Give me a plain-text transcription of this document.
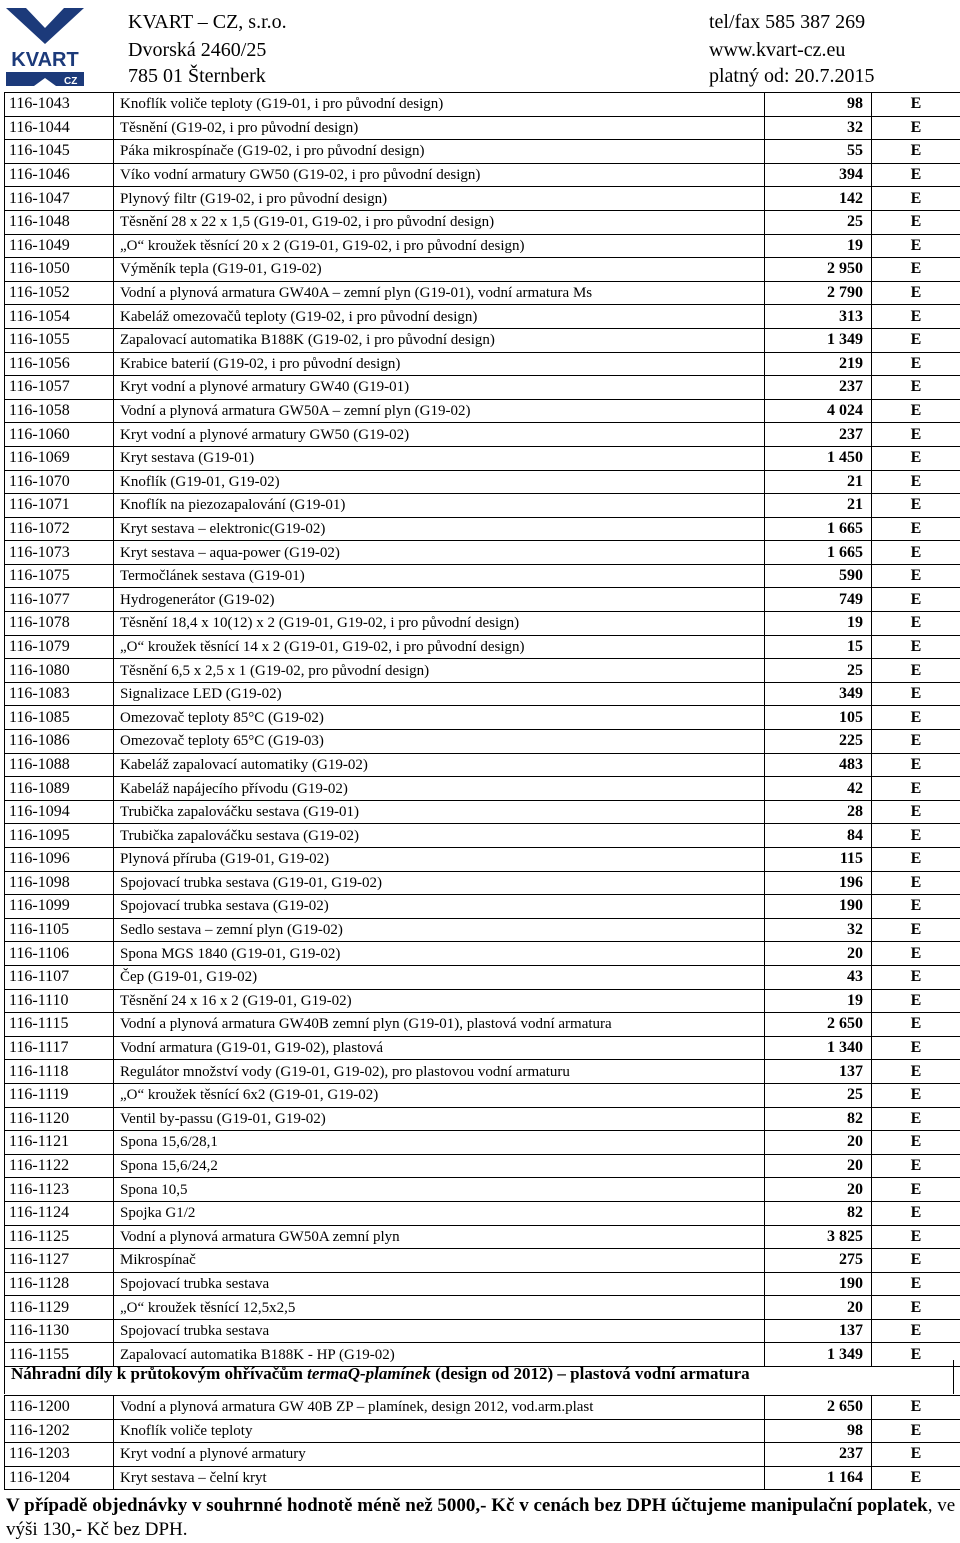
KVART
CZ
KVART – CZ, s.r.o.
Dvorská 2460/25
785 01 Šternberk
tel/fax 585 387 269
www.kvart-cz.eu
platný od: 20.7.2015
116-1043	Knoflík voliče teploty (G19-01, i pro původní design)	98	E
116-1044	Těsnění (G19-02, i pro původní design)	32	E
116-1045	Páka mikrospínače (G19-02, i pro původní design)	55	E
116-1046	Víko vodní armatury GW50 (G19-02, i pro původní design)	394	E
116-1047	Plynový filtr (G19-02, i pro původní design)	142	E
116-1048	Těsnění 28 x 22 x 1,5 (G19-01, G19-02, i pro původní design)	25	E
116-1049	„O“ kroužek těsnící 20 x 2 (G19-01, G19-02, i pro původní design)	19	E
116-1050	Výměník tepla (G19-01, G19-02)	2 950	E
116-1052	Vodní a plynová armatura GW40A – zemní plyn (G19-01), vodní armatura Ms	2 790	E
116-1054	Kabeláž omezovačů teploty (G19-02, i pro původní design)	313	E
116-1055	Zapalovací automatika B188K (G19-02, i pro původní design)	1 349	E
116-1056	Krabice baterií (G19-02, i pro původní design)	219	E
116-1057	Kryt vodní a plynové armatury GW40 (G19-01)	237	E
116-1058	Vodní a plynová armatura GW50A – zemní plyn (G19-02)	4 024	E
116-1060	Kryt vodní a plynové armatury GW50 (G19-02)	237	E
116-1069	Kryt sestava (G19-01)	1 450	E
116-1070	Knoflík (G19-01, G19-02)	21	E
116-1071	Knoflík na piezozapalování (G19-01)	21	E
116-1072	Kryt sestava – elektronic(G19-02)	1 665	E
116-1073	Kryt sestava – aqua-power (G19-02)	1 665	E
116-1075	Termočlánek sestava (G19-01)	590	E
116-1077	Hydrogenerátor (G19-02)	749	E
116-1078	Těsnění 18,4 x 10(12) x 2 (G19-01, G19-02, i pro původní design)	19	E
116-1079	„O“ kroužek těsnící 14 x 2 (G19-01, G19-02, i pro původní design)	15	E
116-1080	Těsnění 6,5 x 2,5 x 1 (G19-02, pro původní design)	25	E
116-1083	Signalizace LED (G19-02)	349	E
116-1085	Omezovač teploty 85°C (G19-02)	105	E
116-1086	Omezovač teploty 65°C (G19-03)	225	E
116-1088	Kabeláž zapalovací automatiky (G19-02)	483	E
116-1089	Kabeláž napájecího přívodu (G19-02)	42	E
116-1094	Trubička zapalováčku sestava (G19-01)	28	E
116-1095	Trubička zapalováčku sestava (G19-02)	84	E
116-1096	Plynová příruba (G19-01, G19-02)	115	E
116-1098	Spojovací trubka sestava (G19-01, G19-02)	196	E
116-1099	Spojovací trubka sestava (G19-02)	190	E
116-1105	Sedlo sestava – zemní plyn (G19-02)	32	E
116-1106	Spona MGS 1840 (G19-01, G19-02)	20	E
116-1107	Čep (G19-01, G19-02)	43	E
116-1110	Těsnění 24 x 16 x 2 (G19-01, G19-02)	19	E
116-1115	Vodní a plynová armatura GW40B zemní plyn (G19-01), plastová vodní armatura	2 650	E
116-1117	Vodní armatura (G19-01, G19-02), plastová	1 340	E
116-1118	Regulátor množství vody (G19-01, G19-02), pro plastovou vodní armaturu	137	E
116-1119	„O“ kroužek těsnící 6x2 (G19-01, G19-02)	25	E
116-1120	Ventil by-passu (G19-01, G19-02)	82	E
116-1121	Spona 15,6/28,1	20	E
116-1122	Spona 15,6/24,2	20	E
116-1123	Spona 10,5	20	E
116-1124	Spojka G1/2	82	E
116-1125	Vodní a plynová armatura GW50A zemní plyn	3 825	E
116-1127	Mikrospínač	275	E
116-1128	Spojovací trubka sestava	190	E
116-1129	„O“ kroužek těsnící 12,5x2,5	20	E
116-1130	Spojovací trubka sestava	137	E
116-1155	Zapalovací automatika B188K - HP (G19-02)	1 349	E
Náhradní díly k průtokovým ohřívačům termaQ-plamínek (design od 2012) – plastová vodní armatura
116-1200	Vodní a plynová armatura GW 40B ZP – plamínek, design 2012, vod.arm.plast	2 650	E
116-1202	Knoflík voliče teploty	98	E
116-1203	Kryt vodní a plynové armatury	237	E
116-1204	Kryt sestava – čelní kryt	1 164	E
V případě objednávky v souhrnné hodnotě méně než 5000,- Kč v cenách bez DPH účtujeme manipulační poplatek, ve výši 130,- Kč bez DPH.
